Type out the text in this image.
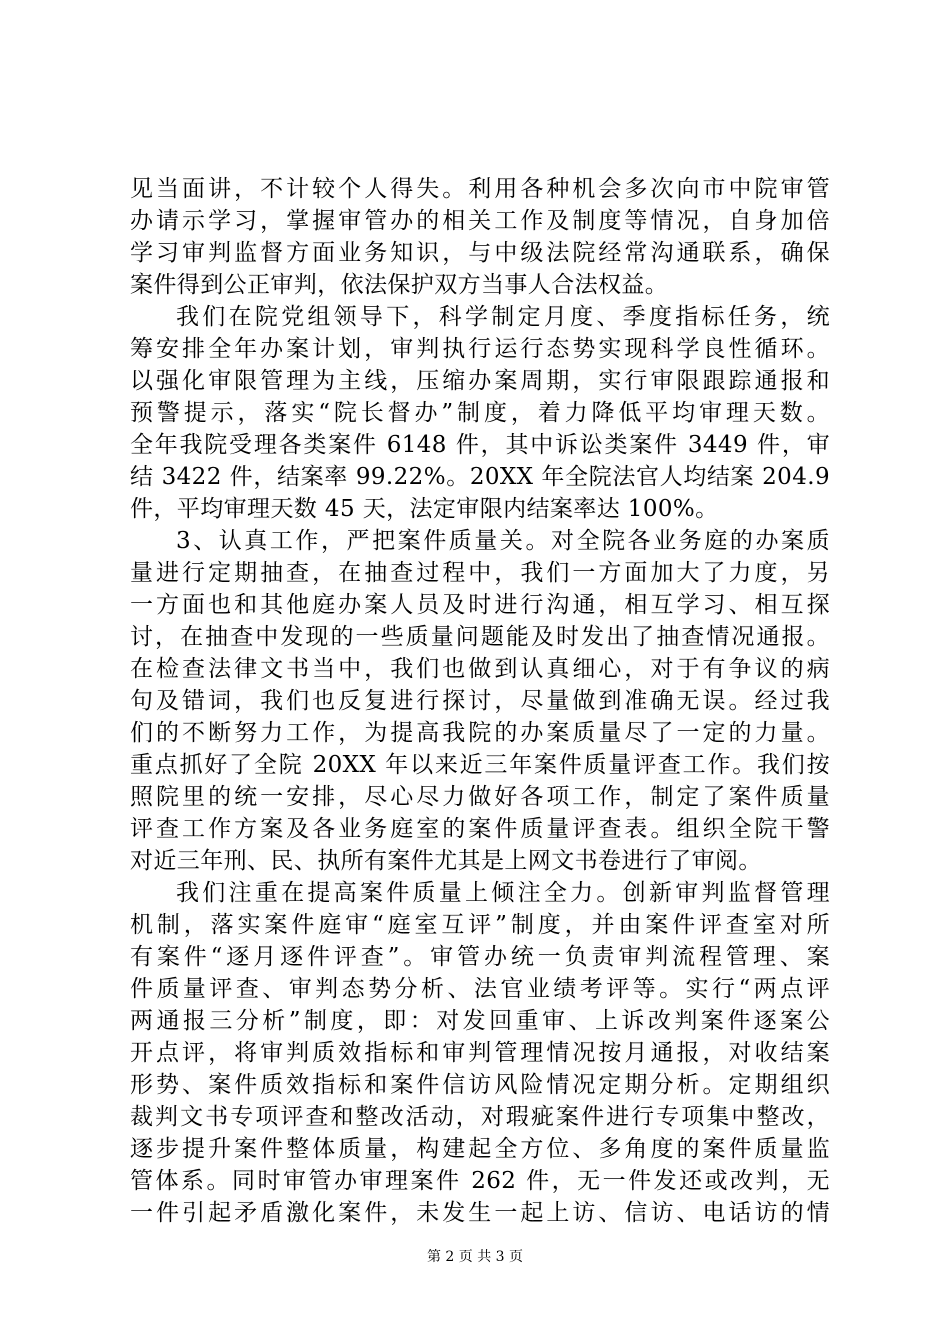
见当面讲，不计较个人得失。利用各种机会多次向市中院审管
办请示学习，掌握审管办的相关工作及制度等情况，自身加倍
学习审判监督方面业务知识，与中级法院经常沟通联系，确保
案件得到公正审判，依法保护双方当事人合法权益。
我们在院党组领导下，科学制定月度、季度指标任务，统
筹安排全年办案计划，审判执行运行态势实现科学良性循环。
以强化审限管理为主线，压缩办案周期，实行审限跟踪通报和
预警提示，落实“院长督办”制度，着力降低平均审理天数。
全年我院受理各类案件 6148 件，其中诉讼类案件 3449 件，审
结 3422 件，结案率 99.22%。20XX 年全院法官人均结案 204.9
件，平均审理天数 45 天，法定审限内结案率达 100%。
3、认真工作，严把案件质量关。对全院各业务庭的办案质
量进行定期抽查，在抽查过程中，我们一方面加大了力度，另
一方面也和其他庭办案人员及时进行沟通，相互学习、相互探
讨，在抽查中发现的一些质量问题能及时发出了抽查情况通报。
在检查法律文书当中，我们也做到认真细心，对于有争议的病
句及错词，我们也反复进行探讨，尽量做到准确无误。经过我
们的不断努力工作，为提高我院的办案质量尽了一定的力量。
重点抓好了全院 20XX 年以来近三年案件质量评查工作。我们按
照院里的统一安排，尽心尽力做好各项工作，制定了案件质量
评查工作方案及各业务庭室的案件质量评查表。组织全院干警
对近三年刑、民、执所有案件尤其是上网文书卷进行了审阅。
我们注重在提高案件质量上倾注全力。创新审判监督管理
机制，落实案件庭审“庭室互评”制度，并由案件评查室对所
有案件“逐月逐件评查”。审管办统一负责审判流程管理、案
件质量评查、审判态势分析、法官业绩考评等。实行“两点评
两通报三分析”制度，即：对发回重审、上诉改判案件逐案公
开点评，将审判质效指标和审判管理情况按月通报，对收结案
形势、案件质效指标和案件信访风险情况定期分析。定期组织
裁判文书专项评查和整改活动，对瑕疵案件进行专项集中整改，
逐步提升案件整体质量，构建起全方位、多角度的案件质量监
管体系。同时审管办审理案件 262 件，无一件发还或改判，无
一件引起矛盾激化案件，未发生一起上访、信访、电话访的情
第 2 页 共 3 页
